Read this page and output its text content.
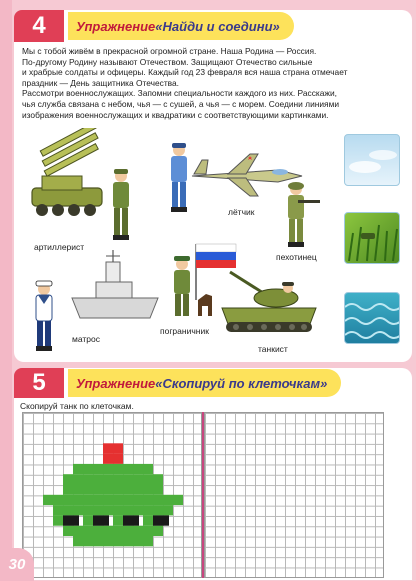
4	Упражнение «Найди и соедини»

Мы с тобой живём в прекрасной огромной стране. Наша Родина — Россия.

По-другому Родину называют Отечеством. Защищают Отечество сильные

и храбрые солдаты и офицеры. Каждый год 23 февраля вся наша страна отмечает

праздник — День защитника Отечества.

Рассмотри военнослужащих. Запомни специальности каждого из них. Расскажи,

чья служба связана с небом, чья — с сушей, а чья — с морем. Соедини линиями

изображения военнослужащих и квадратики с соответствующими картинками.

артиллерист
лётчик
пехотинец
матрос
пограничник
танкист
5	Упражнение «Скопируй по клеточкам»
Скопируй танк по клеточкам.
30
